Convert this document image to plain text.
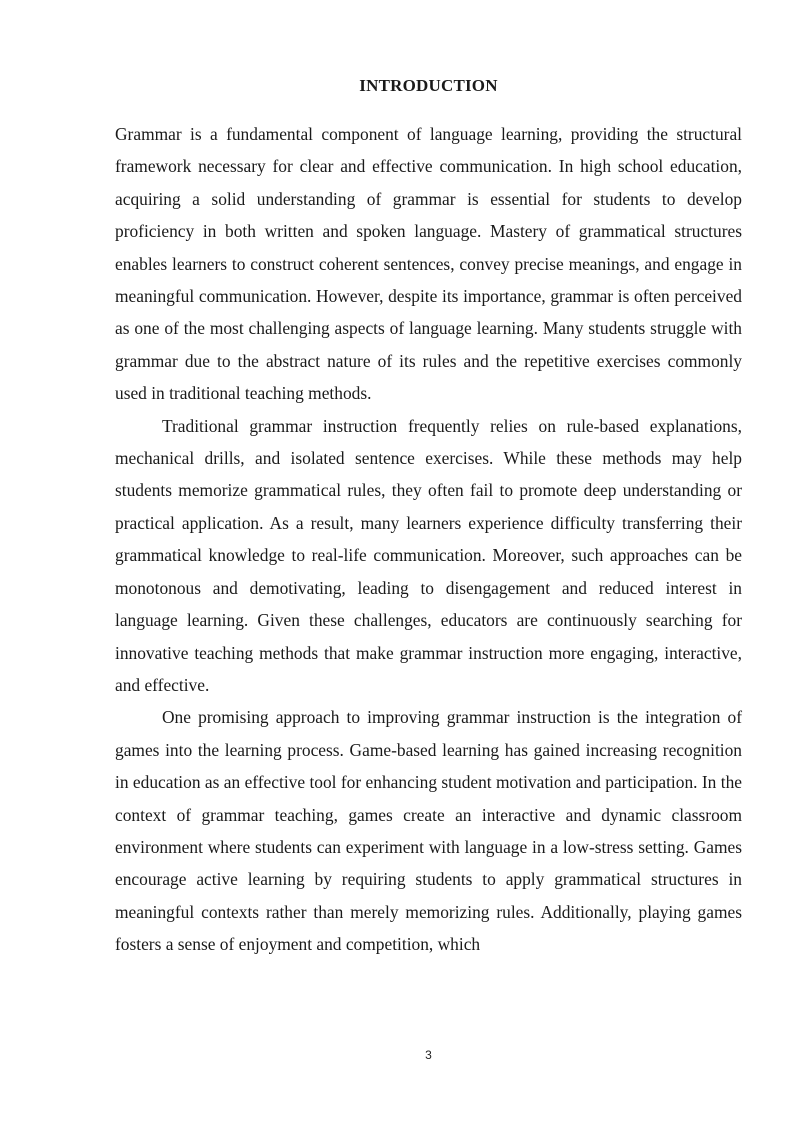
INTRODUCTION

Grammar is a fundamental component of language learning, providing the structural framework necessary for clear and effective communication. In high school education, acquiring a solid understanding of grammar is essential for students to develop proficiency in both written and spoken language. Mastery of grammatical structures enables learners to construct coherent sentences, convey precise meanings, and engage in meaningful communication. However, despite its importance, grammar is often perceived as one of the most challenging aspects of language learning. Many students struggle with grammar due to the abstract nature of its rules and the repetitive exercises commonly used in traditional teaching methods.

Traditional grammar instruction frequently relies on rule-based explanations, mechanical drills, and isolated sentence exercises. While these methods may help students memorize grammatical rules, they often fail to promote deep understanding or practical application. As a result, many learners experience difficulty transferring their grammatical knowledge to real-life communication. Moreover, such approaches can be monotonous and demotivating, leading to disengagement and reduced interest in language learning. Given these challenges, educators are continuously searching for innovative teaching methods that make grammar instruction more engaging, interactive, and effective.

One promising approach to improving grammar instruction is the integration of games into the learning process. Game-based learning has gained increasing recognition in education as an effective tool for enhancing student motivation and participation. In the context of grammar teaching, games create an interactive and dynamic classroom environment where students can experiment with language in a low-stress setting. Games encourage active learning by requiring students to apply grammatical structures in meaningful contexts rather than merely memorizing rules. Additionally, playing games fosters a sense of enjoyment and competition, which

3
